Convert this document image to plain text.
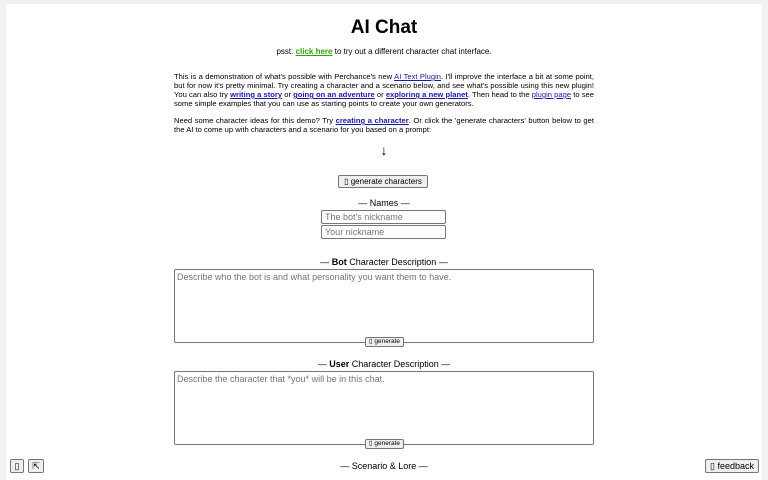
AI Chat
psst. click here to try out a different character chat interface.
This is a demonstration of what's possible with Perchance's new AI Text Plugin. I'll improve the interface a bit at some point, but for now it's pretty minimal. Try creating a character and a scenario below, and see what's possible using this new plugin! You can also try writing a story or going on an adventure or exploring a new planet. Then head to the plugin page to see some simple examples that you can use as starting points to create your own generators.
Need some character ideas for this demo? Try creating a character. Or click the 'generate characters' button below to get the AI to come up with characters and a scenario for you based on a prompt:
↓
▯ generate characters
— Names —
The bot's nickname
Your nickname
— Bot Character Description —
Describe who the bot is and what personality you want them to have.
▯ generate
— User Character Description —
Describe the character that *you* will be in this chat.
▯ generate
— Scenario & Lore —
▯	⇱	▯ feedback
